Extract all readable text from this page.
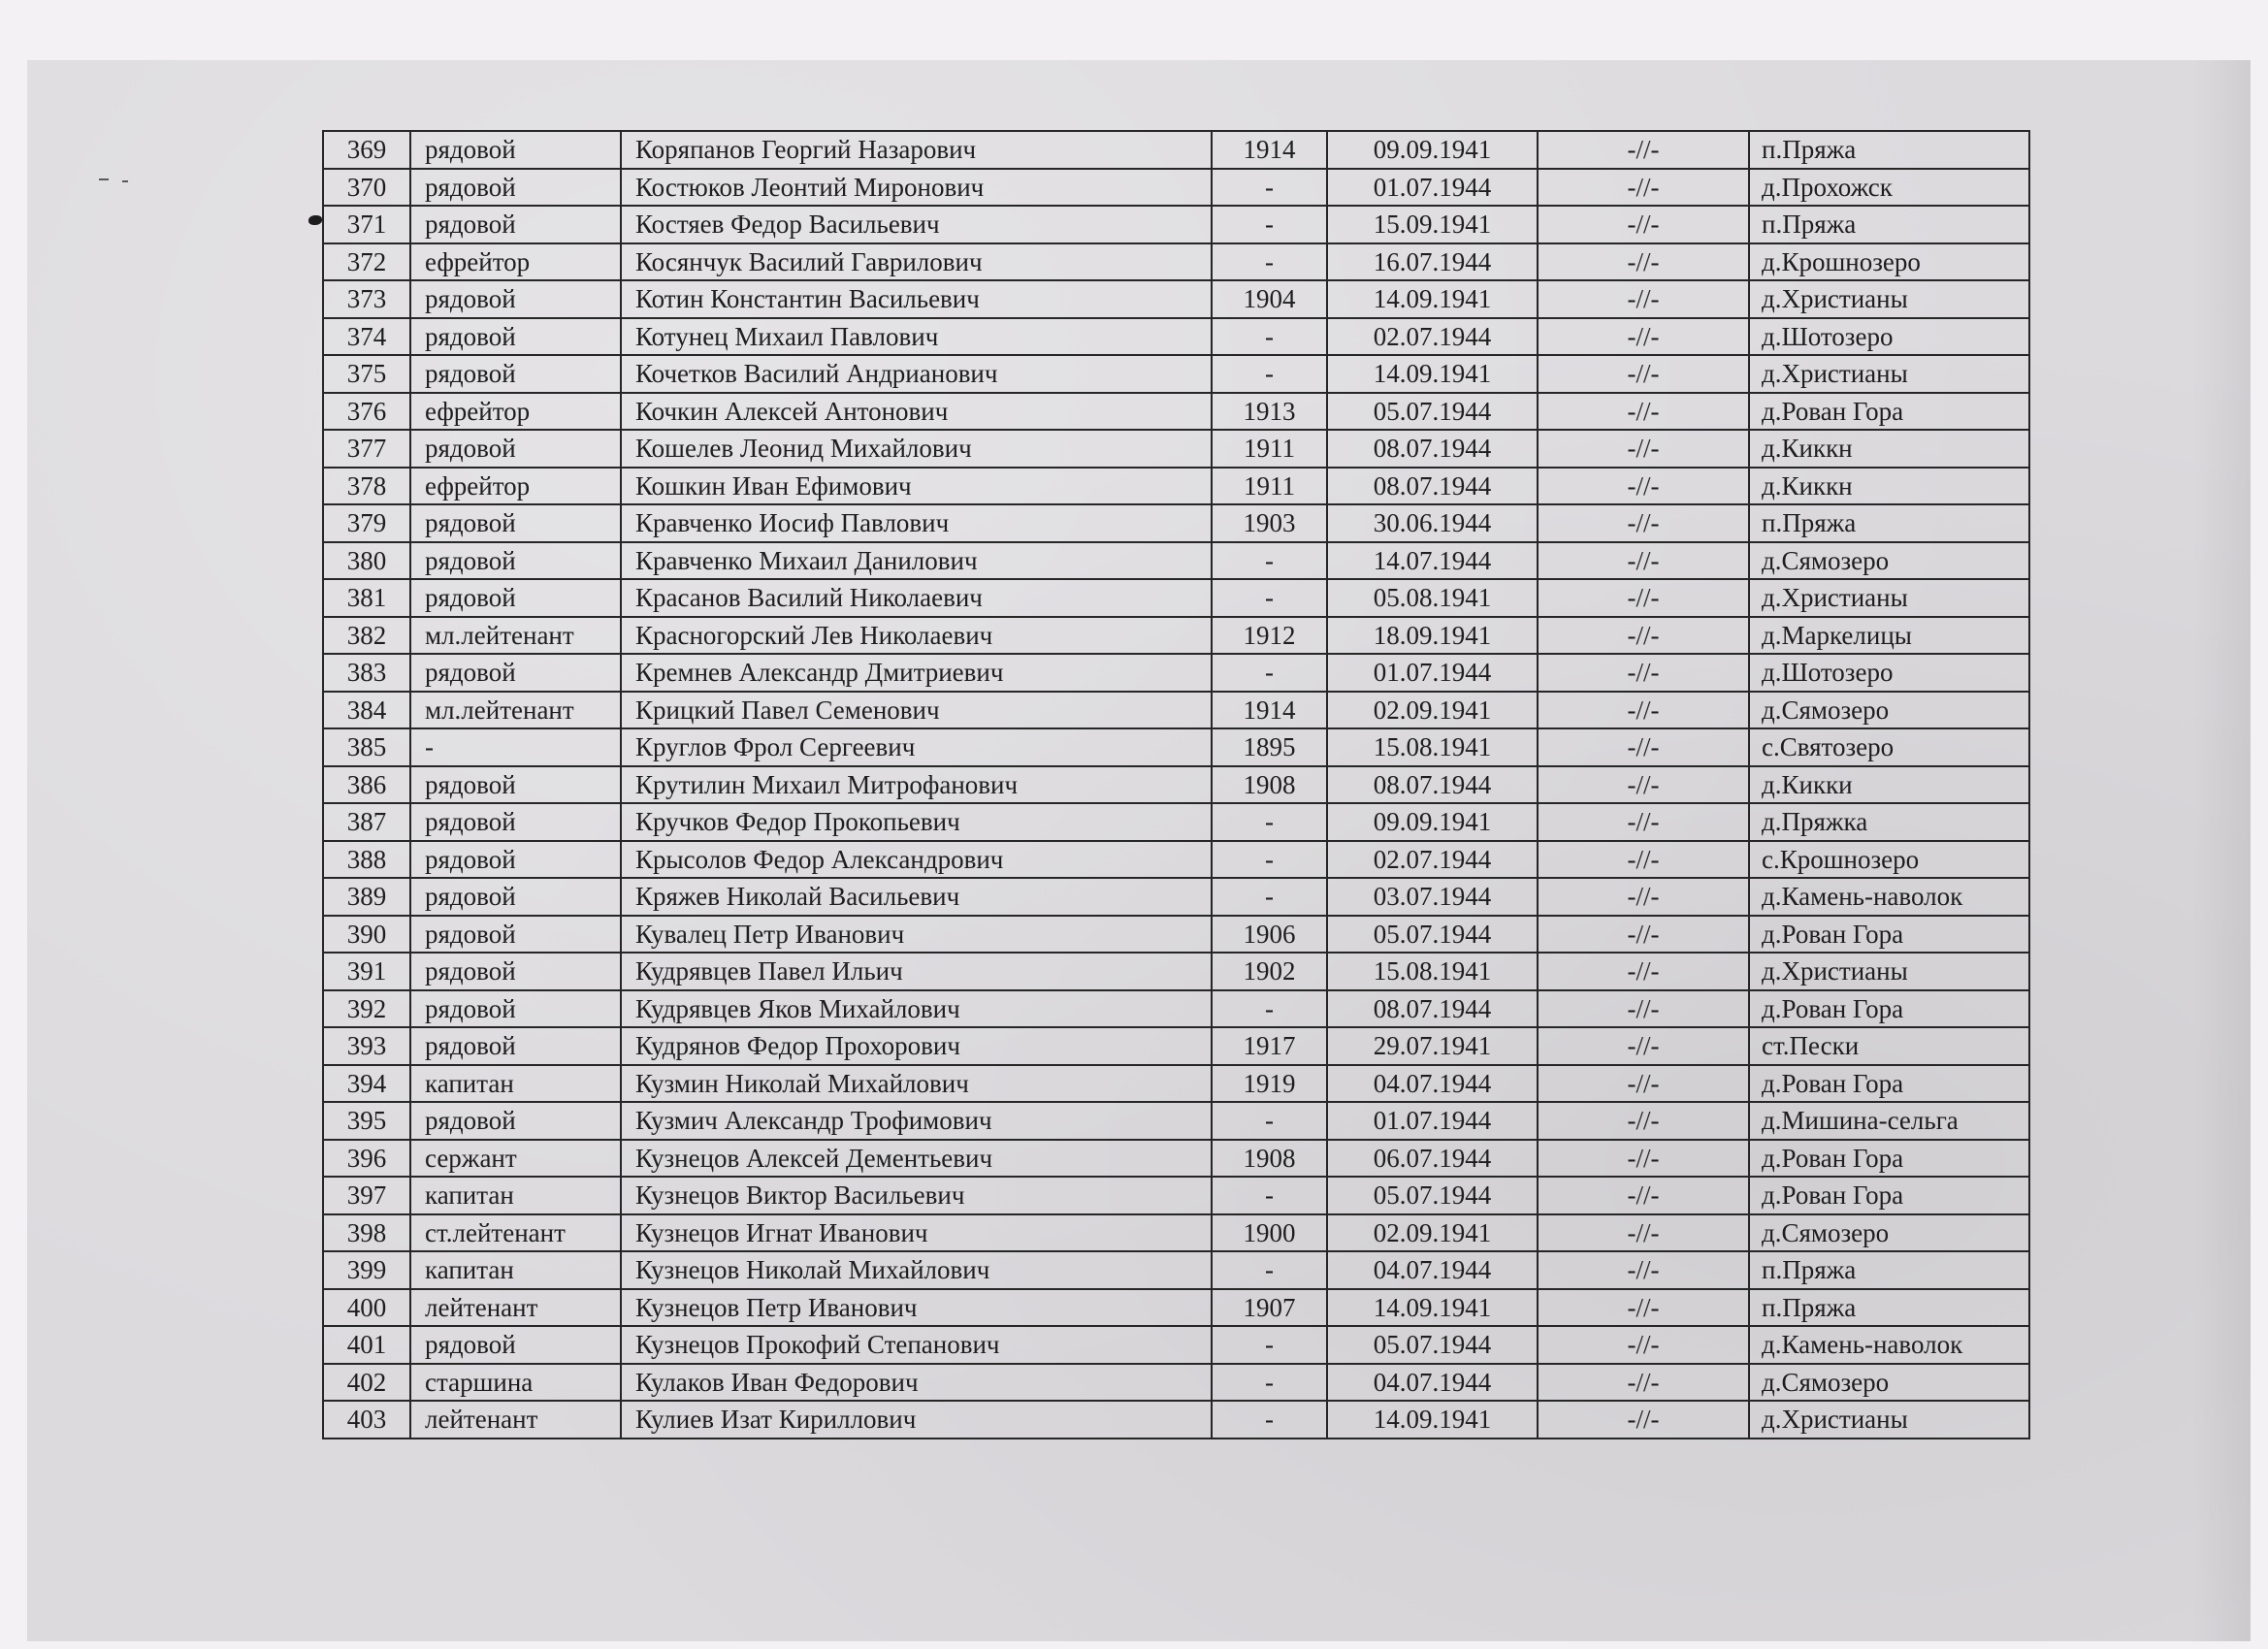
369	рядовой	Коряпанов Георгий Назарович	1914	09.09.1941	-//-	п.Пряжа
370	рядовой	Костюков Леонтий Миронович	-	01.07.1944	-//-	д.Прохожск
371	рядовой	Костяев Федор Васильевич	-	15.09.1941	-//-	п.Пряжа
372	ефрейтор	Косянчук Василий Гаврилович	-	16.07.1944	-//-	д.Крошнозеро
373	рядовой	Котин Константин Васильевич	1904	14.09.1941	-//-	д.Христианы
374	рядовой	Котунец Михаил Павлович	-	02.07.1944	-//-	д.Шотозеро
375	рядовой	Кочетков Василий Андрианович	-	14.09.1941	-//-	д.Христианы
376	ефрейтор	Кочкин Алексей Антонович	1913	05.07.1944	-//-	д.Рован Гора
377	рядовой	Кошелев Леонид Михайлович	1911	08.07.1944	-//-	д.Киккн
378	ефрейтор	Кошкин Иван Ефимович	1911	08.07.1944	-//-	д.Киккн
379	рядовой	Кравченко Иосиф Павлович	1903	30.06.1944	-//-	п.Пряжа
380	рядовой	Кравченко Михаил Данилович	-	14.07.1944	-//-	д.Сямозеро
381	рядовой	Красанов Василий Николаевич	-	05.08.1941	-//-	д.Христианы
382	мл.лейтенант	Красногорский Лев Николаевич	1912	18.09.1941	-//-	д.Маркелицы
383	рядовой	Кремнев Александр Дмитриевич	-	01.07.1944	-//-	д.Шотозеро
384	мл.лейтенант	Крицкий Павел Семенович	1914	02.09.1941	-//-	д.Сямозеро
385	-	Круглов Фрол Сергеевич	1895	15.08.1941	-//-	с.Святозеро
386	рядовой	Крутилин Михаил Митрофанович	1908	08.07.1944	-//-	д.Кикки
387	рядовой	Кручков Федор Прокопьевич	-	09.09.1941	-//-	д.Пряжка
388	рядовой	Крысолов Федор Александрович	-	02.07.1944	-//-	с.Крошнозеро
389	рядовой	Кряжев Николай Васильевич	-	03.07.1944	-//-	д.Камень-наволок
390	рядовой	Кувалец Петр Иванович	1906	05.07.1944	-//-	д.Рован Гора
391	рядовой	Кудрявцев Павел Ильич	1902	15.08.1941	-//-	д.Христианы
392	рядовой	Кудрявцев Яков Михайлович	-	08.07.1944	-//-	д.Рован Гора
393	рядовой	Кудрянов Федор Прохорович	1917	29.07.1941	-//-	ст.Пески
394	капитан	Кузмин Николай Михайлович	1919	04.07.1944	-//-	д.Рован Гора
395	рядовой	Кузмич Александр Трофимович	-	01.07.1944	-//-	д.Мишина-сельга
396	сержант	Кузнецов Алексей Дементьевич	1908	06.07.1944	-//-	д.Рован Гора
397	капитан	Кузнецов Виктор Васильевич	-	05.07.1944	-//-	д.Рован Гора
398	ст.лейтенант	Кузнецов Игнат Иванович	1900	02.09.1941	-//-	д.Сямозеро
399	капитан	Кузнецов Николай Михайлович	-	04.07.1944	-//-	п.Пряжа
400	лейтенант	Кузнецов Петр Иванович	1907	14.09.1941	-//-	п.Пряжа
401	рядовой	Кузнецов Прокофий Степанович	-	05.07.1944	-//-	д.Камень-наволок
402	старшина	Кулаков Иван Федорович	-	04.07.1944	-//-	д.Сямозеро
403	лейтенант	Кулиев Изат Кириллович	-	14.09.1941	-//-	д.Христианы
